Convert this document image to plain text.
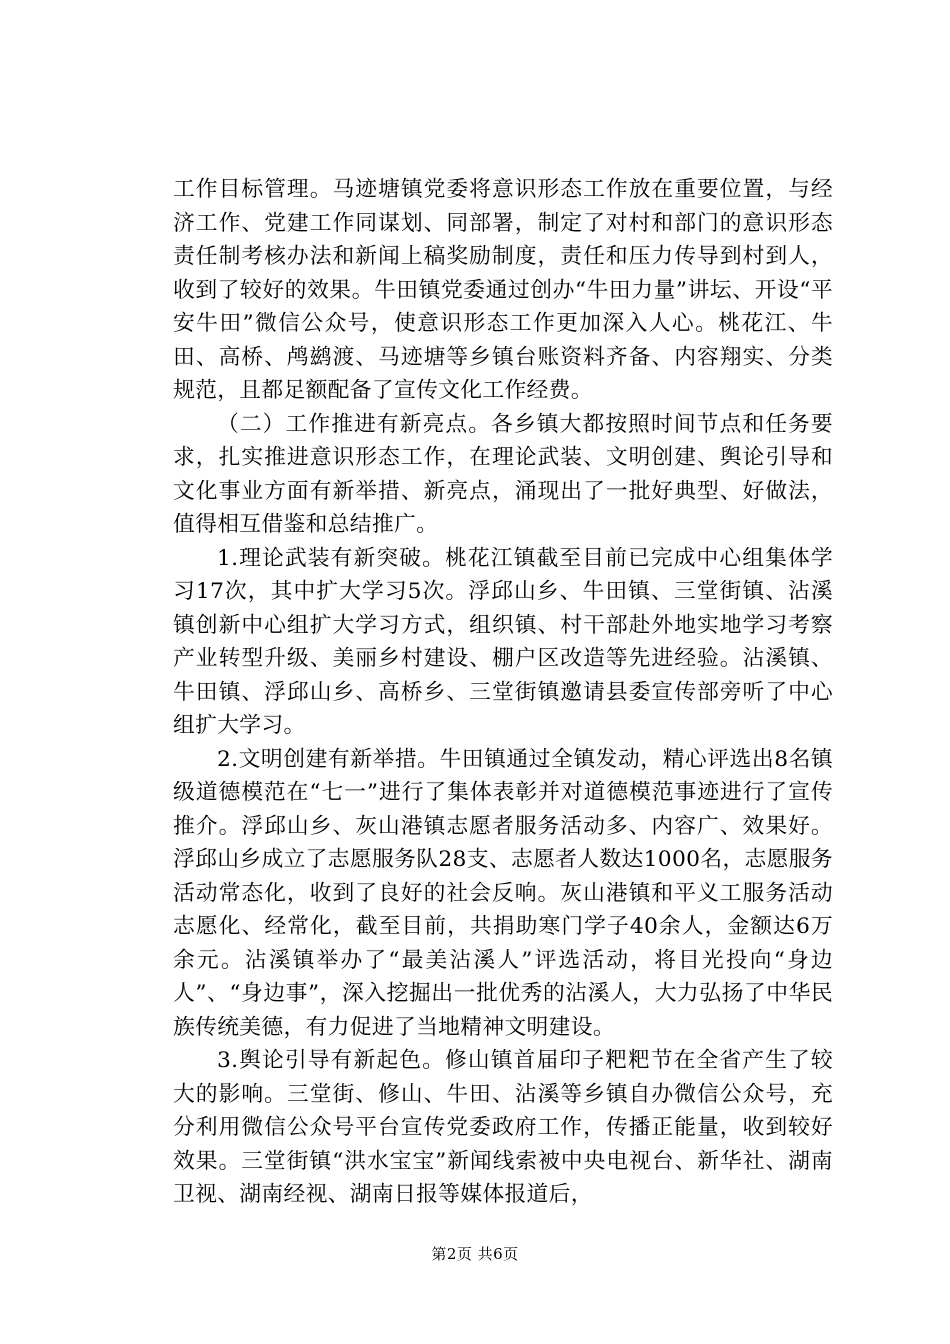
工作目标管理。马迹塘镇党委将意识形态工作放在重要位置，与经济工作、党建工作同谋划、同部署，制定了对村和部门的意识形态责任制考核办法和新闻上稿奖励制度，责任和压力传导到村到人，收到了较好的效果。牛田镇党委通过创办“牛田力量”讲坛、开设“平安牛田”微信公众号，使意识形态工作更加深入人心。桃花江、牛田、高桥、鸬鹚渡、马迹塘等乡镇台账资料齐备、内容翔实、分类规范，且都足额配备了宣传文化工作经费。

（二）工作推进有新亮点。各乡镇大都按照时间节点和任务要求，扎实推进意识形态工作，在理论武装、文明创建、舆论引导和文化事业方面有新举措、新亮点，涌现出了一批好典型、好做法，值得相互借鉴和总结推广。

1.理论武装有新突破。桃花江镇截至目前已完成中心组集体学习17次，其中扩大学习5次。浮邱山乡、牛田镇、三堂街镇、沾溪镇创新中心组扩大学习方式，组织镇、村干部赴外地实地学习考察产业转型升级、美丽乡村建设、棚户区改造等先进经验。沾溪镇、牛田镇、浮邱山乡、高桥乡、三堂街镇邀请县委宣传部旁听了中心组扩大学习。

2.文明创建有新举措。牛田镇通过全镇发动，精心评选出8名镇级道德模范在“七一”进行了集体表彰并对道德模范事迹进行了宣传推介。浮邱山乡、灰山港镇志愿者服务活动多、内容广、效果好。浮邱山乡成立了志愿服务队28支、志愿者人数达1000名，志愿服务活动常态化，收到了良好的社会反响。灰山港镇和平义工服务活动志愿化、经常化，截至目前，共捐助寒门学子40余人，金额达6万余元。沾溪镇举办了“最美沾溪人”评选活动，将目光投向“身边人”、“身边事”，深入挖掘出一批优秀的沾溪人，大力弘扬了中华民族传统美德，有力促进了当地精神文明建设。

3.舆论引导有新起色。修山镇首届印子粑粑节在全省产生了较大的影响。三堂街、修山、牛田、沾溪等乡镇自办微信公众号，充分利用微信公众号平台宣传党委政府工作，传播正能量，收到较好效果。三堂街镇“洪水宝宝”新闻线索被中央电视台、新华社、湖南卫视、湖南经视、湖南日报等媒体报道后，

第2页 共6页
